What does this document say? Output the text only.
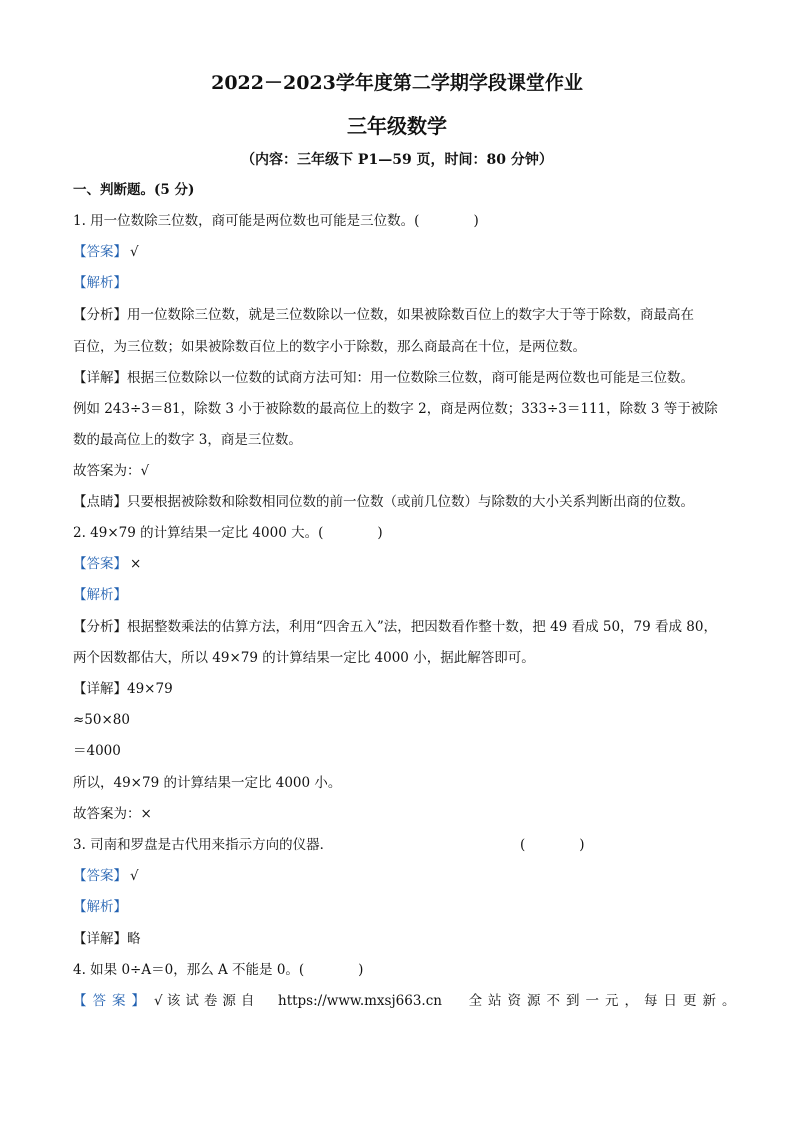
2022－2023学年度第二学期学段课堂作业
三年级数学
（内容：三年级下 P1—59 页，时间：80 分钟）
一、判断题。(5 分)
1. 用一位数除三位数，商可能是两位数也可能是三位数。(　　　　)
【答案】 √
【解析】
【分析】用一位数除三位数，就是三位数除以一位数，如果被除数百位上的数字大于等于除数，商最高在
百位，为三位数；如果被除数百位上的数字小于除数，那么商最高在十位，是两位数。
【详解】根据三位数除以一位数的试商方法可知：用一位数除三位数，商可能是两位数也可能是三位数。
例如 243÷3＝81，除数 3 小于被除数的最高位上的数字 2，商是两位数；333÷3＝111，除数 3 等于被除
数的最高位上的数字 3，商是三位数。
故答案为：√
【点睛】只要根据被除数和除数相同位数的前一位数（或前几位数）与除数的大小关系判断出商的位数。
2. 49×79 的计算结果一定比 4000 大。(　　　　)
【答案】 ×
【解析】
【分析】根据整数乘法的估算方法，利用“四舍五入”法，把因数看作整十数，把 49 看成 50，79 看成 80，
两个因数都估大，所以 49×79 的计算结果一定比 4000 小，据此解答即可。
【详解】49×79
≈50×80
＝4000
所以，49×79 的计算结果一定比 4000 小。
故答案为：×
3. 司南和罗盘是古代用来指示方向的仪器．	(　　　　)
【答案】 √
【解析】
【详解】略
4. 如果 0÷A＝0，那么 A 不能是 0。(　　　　)
【答案】 √ 该试卷源自 https://www.mxsj663.cn 全站资源不到一元，每日更新。
